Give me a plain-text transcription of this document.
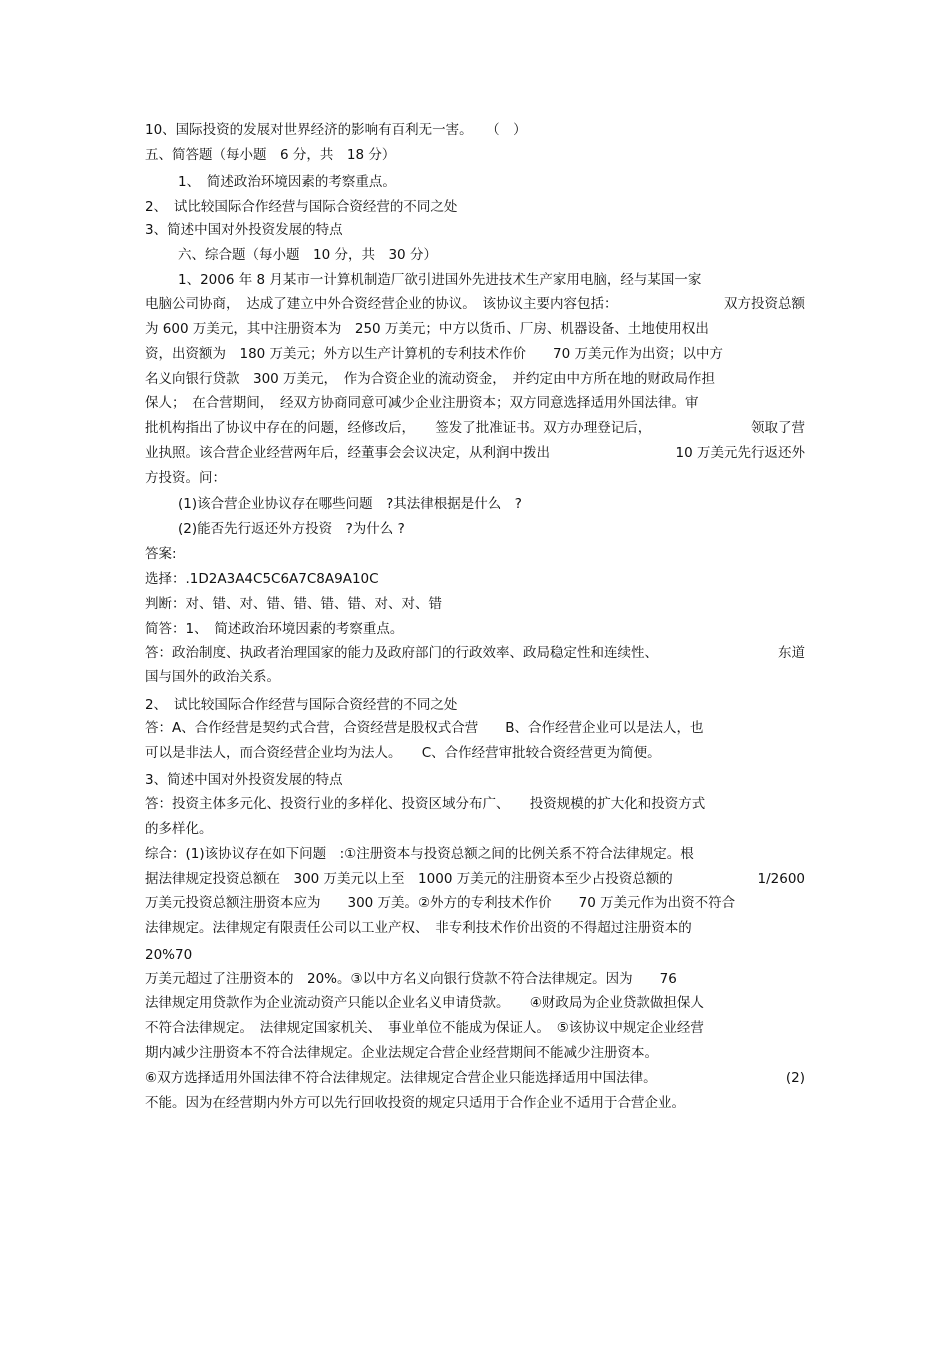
10、国际投资的发展对世界经济的影响有百利无一害。　　（　）
五、简答题（每小题　6 分，共　18 分）
1、　简述政治环境因素的考察重点。
2、　试比较国际合作经营与国际合资经营的不同之处
3、简述中国对外投资发展的特点
六、综合题（每小题　10 分，共　30 分）
1、2006 年 8 月某市一计算机制造厂欲引进国外先进技术生产家用电脑，经与某国一家
电脑公司协商，　达成了建立中外合资经营企业的协议。　该协议主要内容包括：	双方投资总额
为 600 万美元，其中注册资本为　250 万美元；中方以货币、厂房、机器设备、土地使用权出
资，出资额为　180 万美元；外方以生产计算机的专利技术作价　　70 万美元作为出资；以中方
名义向银行贷款　300 万美元，　作为合资企业的流动资金，　并约定由中方所在地的财政局作担
保人；　在合营期间，　经双方协商同意可减少企业注册资本；双方同意选择适用外国法律。审
批机构指出了协议中存在的问题，经修改后，　　签发了批准证书。双方办理登记后，	领取了营
业执照。该合营企业经营两年后，经董事会会议决定，从利润中拨出	10 万美元先行返还外
方投资。问：
(1)该合营企业协议存在哪些问题　?其法律根据是什么　?
(2)能否先行返还外方投资　?为什么 ?
答案:
选择：.1D2A3A4C5C6A7C8A9A10C
判断：对、错、对、错、错、错、错、对、对、错
简答：1、　简述政治环境因素的考察重点。
答：政治制度、执政者治理国家的能力及政府部门的行政效率、政局稳定性和连续性、	东道
国与国外的政治关系。
2、　试比较国际合作经营与国际合资经营的不同之处
答：A、合作经营是契约式合营，合资经营是股权式合营　　B、合作经营企业可以是法人，也
可以是非法人，而合资经营企业均为法人。　　C、合作经营审批较合资经营更为简便。
3、简述中国对外投资发展的特点
答：投资主体多元化、投资行业的多样化、投资区域分布广、　　投资规模的扩大化和投资方式
的多样化。
综合：(1)该协议存在如下问题　:①注册资本与投资总额之间的比例关系不符合法律规定。根
据法律规定投资总额在　300 万美元以上至　1000 万美元的注册资本至少占投资总额的	1/2600
万美元投资总额注册资本应为　　300 万美。②外方的专利技术作价　　70 万美元作为出资不符合
法律规定。法律规定有限责任公司以工业产权、　非专利技术作价出资的不得超过注册资本的
20%70
万美元超过了注册资本的　20%。③以中方名义向银行贷款不符合法律规定。因为　　76
法律规定用贷款作为企业流动资产只能以企业名义申请贷款。　　④财政局为企业贷款做担保人
不符合法律规定。　法律规定国家机关、　事业单位不能成为保证人。　⑤该协议中规定企业经营
期内减少注册资本不符合法律规定。企业法规定合营企业经营期间不能减少注册资本。
⑥双方选择适用外国法律不符合法律规定。法律规定合营企业只能选择适用中国法律。	(2)
不能。因为在经营期内外方可以先行回收投资的规定只适用于合作企业不适用于合营企业。
